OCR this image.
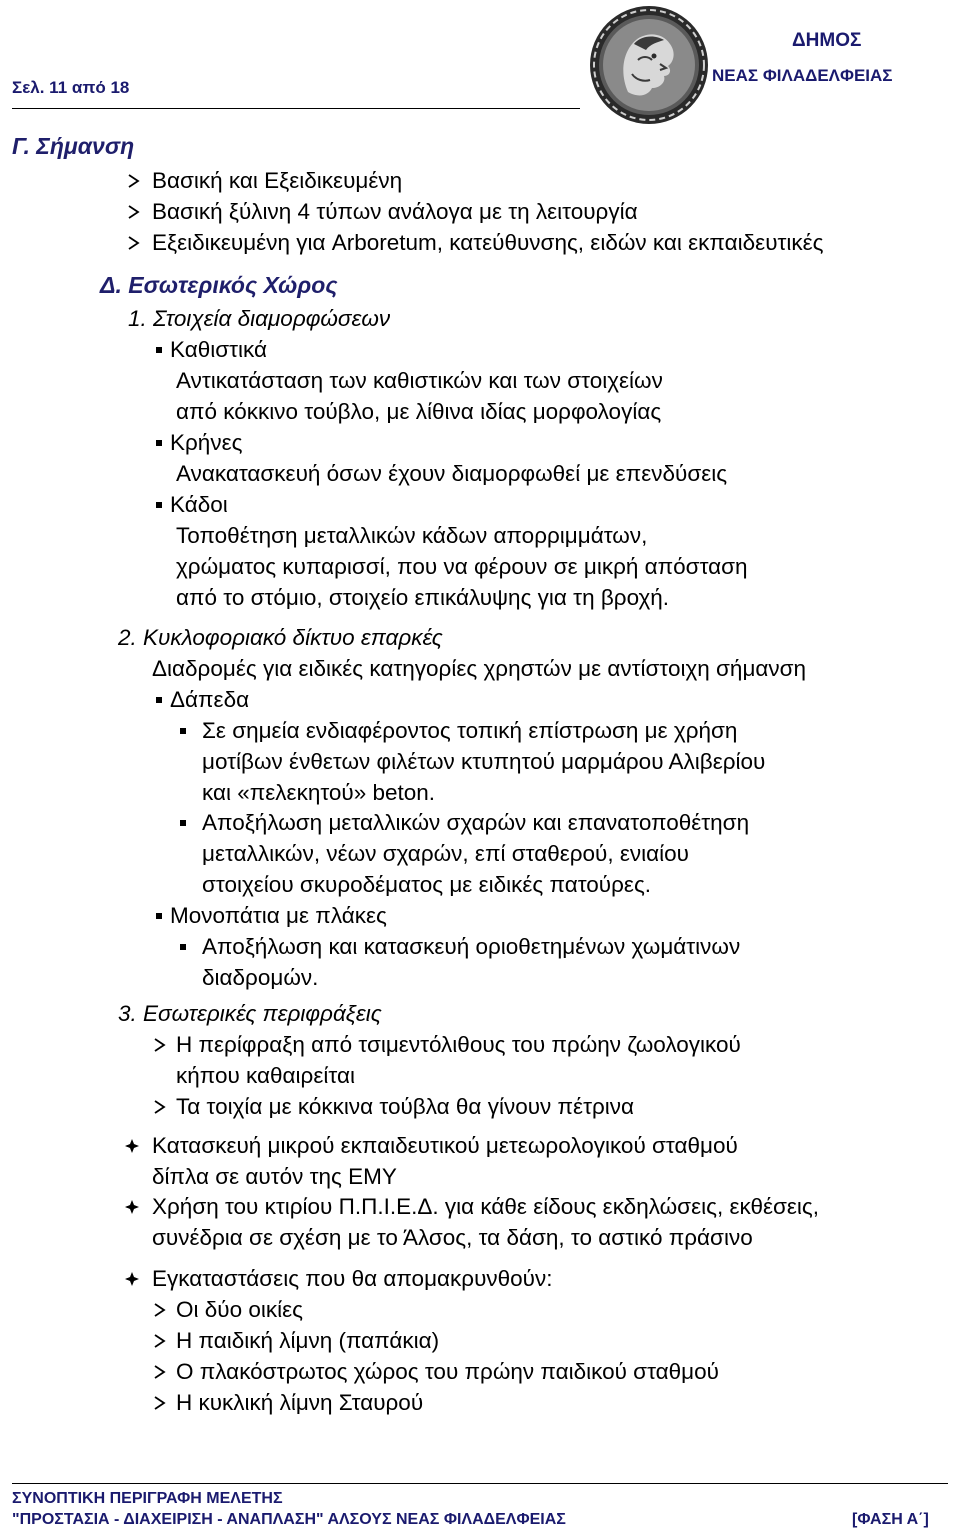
Σελ. 11 από 18
ΔΗΜΟΣ
ΝΕΑΣ ΦΙΛΑΔΕΛΦΕΙΑΣ
Γ. Σήμανση
Βασική και Εξειδικευμένη
Βασική ξύλινη 4 τύπων ανάλογα με τη λειτουργία
Εξειδικευμένη για Arboretum, κατεύθυνσης, ειδών και εκπαιδευτικές
Δ. Εσωτερικός Χώρος
1. Στοιχεία διαμορφώσεων
Καθιστικά
Αντικατάσταση των καθιστικών και των στοιχείων
από κόκκινο τούβλο, με λίθινα ιδίας μορφολογίας
Κρήνες
Ανακατασκευή όσων έχουν διαμορφωθεί με επενδύσεις
Κάδοι
Τοποθέτηση μεταλλικών κάδων απορριμμάτων,
χρώματος κυπαρισσί, που να φέρουν σε μικρή απόσταση
από το στόμιο, στοιχείο επικάλυψης για τη βροχή.
2. Κυκλοφοριακό δίκτυο επαρκές
Διαδρομές για ειδικές κατηγορίες χρηστών με αντίστοιχη σήμανση
Δάπεδα
Σε σημεία ενδιαφέροντος τοπική επίστρωση με χρήση
μοτίβων ένθετων φιλέτων κτυπητού μαρμάρου Αλιβερίου
και «πελεκητού» beton.
Αποξήλωση μεταλλικών σχαρών και επανατοποθέτηση
μεταλλικών, νέων σχαρών, επί σταθερού, ενιαίου
στοιχείου σκυροδέματος με ειδικές πατούρες.
Μονοπάτια με πλάκες
Αποξήλωση και κατασκευή οριοθετημένων χωμάτινων
διαδρομών.
3. Εσωτερικές περιφράξεις
Η περίφραξη από τσιμεντόλιθους του πρώην ζωολογικού
κήπου καθαιρείται
Τα τοιχία με κόκκινα τούβλα θα γίνουν πέτρινα
Κατασκευή μικρού εκπαιδευτικού μετεωρολογικού σταθμού
δίπλα σε αυτόν της ΕΜΥ
Χρήση του κτιρίου Π.Π.Ι.Ε.Δ. για κάθε είδους εκδηλώσεις, εκθέσεις,
συνέδρια σε σχέση με το Άλσος, τα δάση, το αστικό πράσινο
Εγκαταστάσεις που θα απομακρυνθούν:
Οι δύο οικίες
Η παιδική λίμνη (παπάκια)
Ο πλακόστρωτος χώρος του πρώην παιδικού σταθμού
Η κυκλική λίμνη Σταυρού
ΣΥΝΟΠΤΙΚΗ ΠΕΡΙΓΡΑΦΗ ΜΕΛΕΤΗΣ
"ΠΡΟΣΤΑΣΙΑ - ΔΙΑΧΕΙΡΙΣΗ - ΑΝΑΠΛΑΣΗ" ΑΛΣΟΥΣ ΝΕΑΣ ΦΙΛΑΔΕΛΦΕΙΑΣ	[ΦΑΣΗ Α΄]
